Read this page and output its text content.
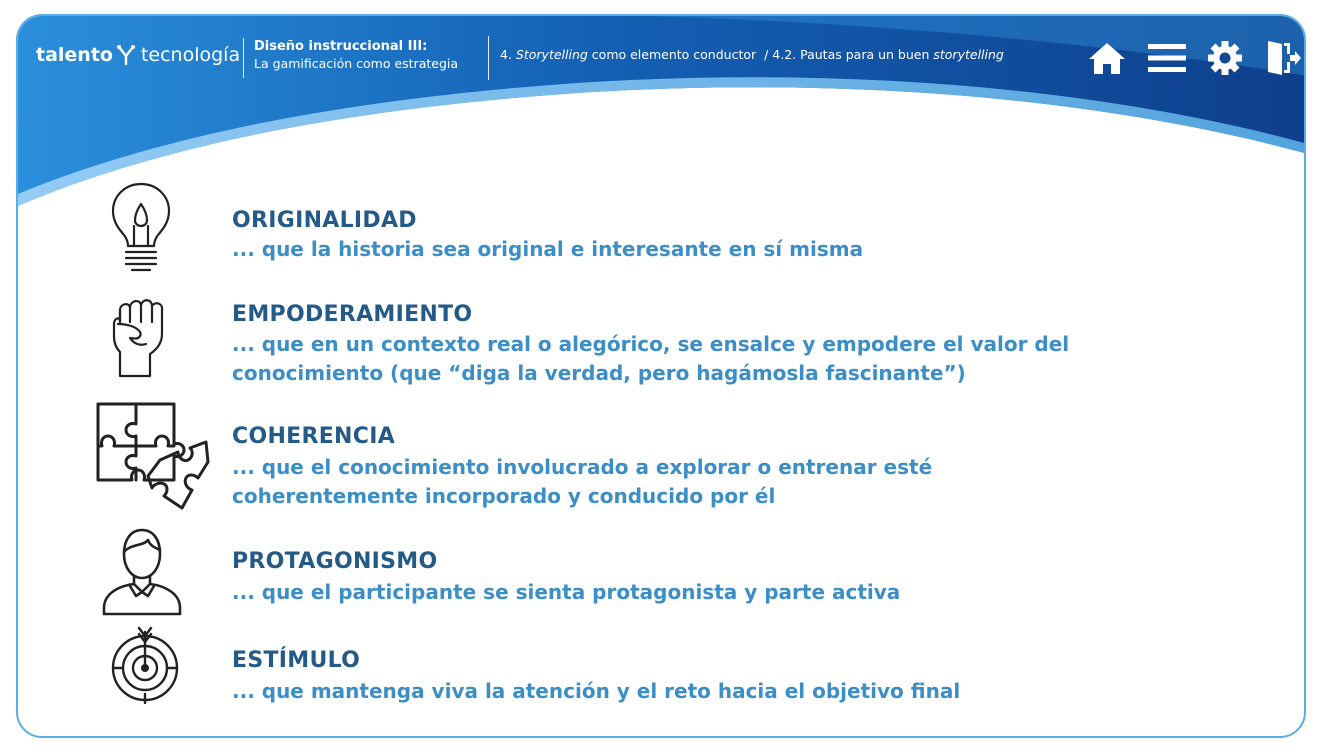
talento tecnología Diseño instruccional III:
La gamificación como estrategia
4. Storytelling como elemento conductor / 4.2. Pautas para un buen storytelling
ORIGINALIDAD
... que la historia sea original e interesante en sí misma
EMPODERAMIENTO
... que en un contexto real o alegórico, se ensalce y empodere el valor del
conocimiento (que “diga la verdad, pero hagámosla fascinante”)
COHERENCIA
... que el conocimiento involucrado a explorar o entrenar esté
coherentemente incorporado y conducido por él
PROTAGONISMO
... que el participante se sienta protagonista y parte activa
ESTÍMULO
... que mantenga viva la atención y el reto hacia el objetivo final
